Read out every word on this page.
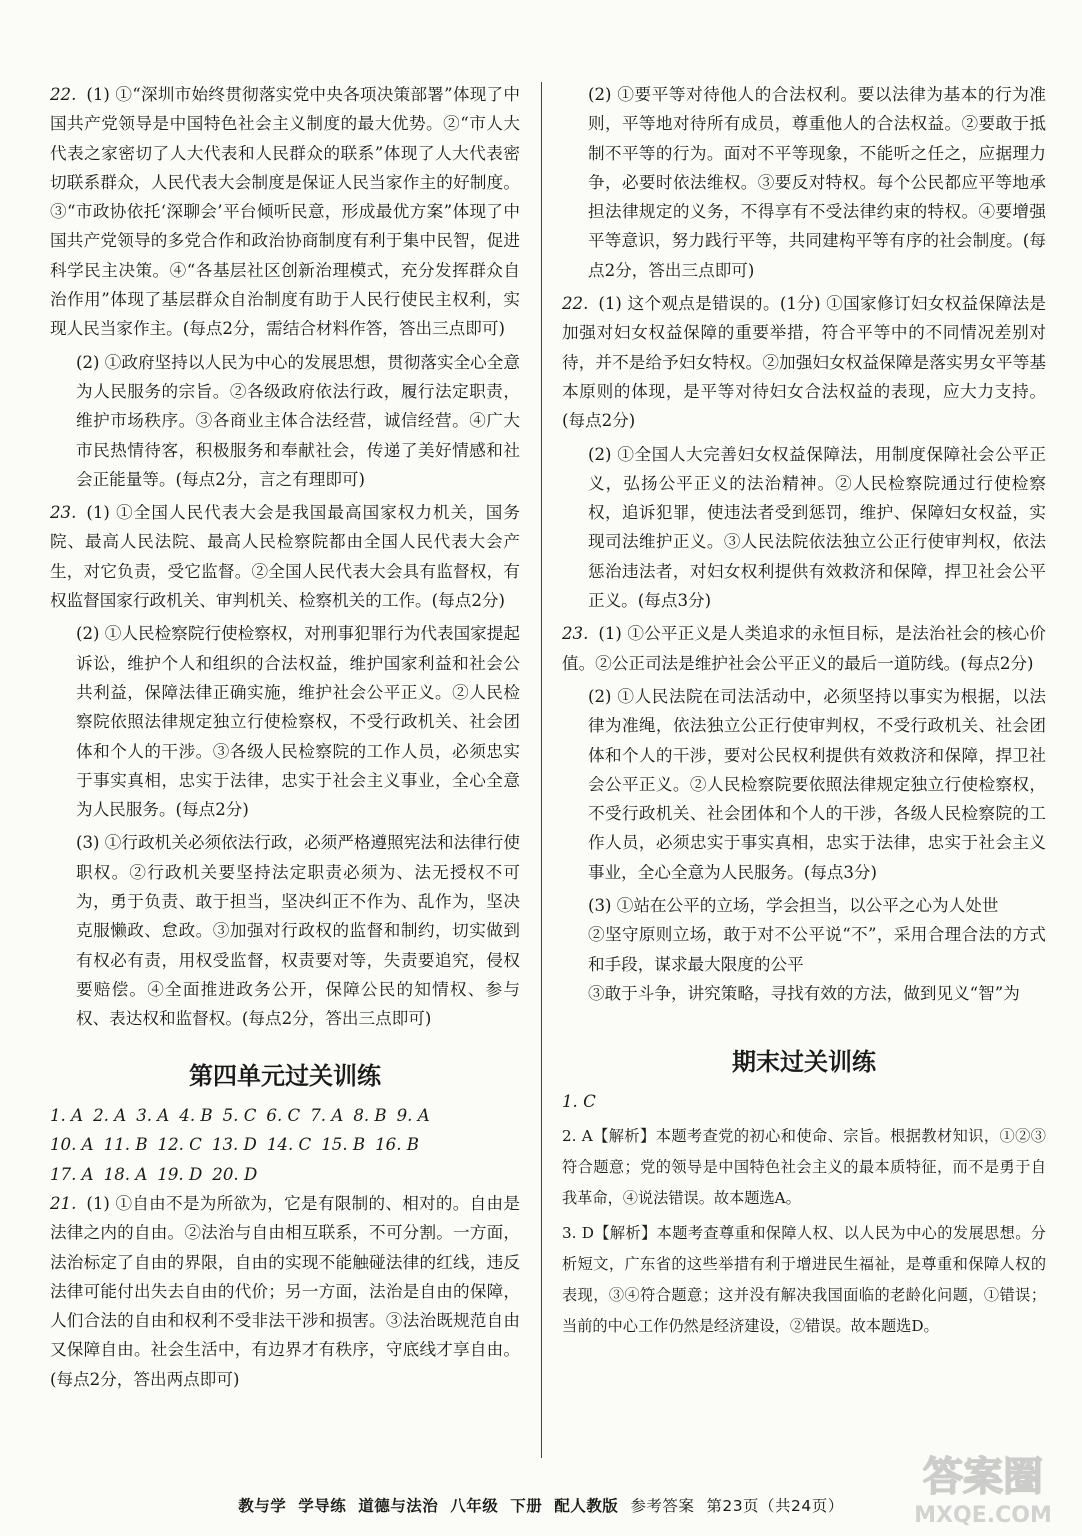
22. (1) ①“深圳市始终贯彻落实党中央各项决策部署”体现了中国共产党领导是中国特色社会主义制度的最大优势。②“市人大代表之家密切了人大代表和人民群众的联系”体现了人大代表密切联系群众，人民代表大会制度是保证人民当家作主的好制度。③“市政协依托‘深聊会’平台倾听民意，形成最优方案”体现了中国共产党领导的多党合作和政治协商制度有利于集中民智，促进科学民主决策。④“各基层社区创新治理模式，充分发挥群众自治作用”体现了基层群众自治制度有助于人民行使民主权利，实现人民当家作主。(每点2分，需结合材料作答，答出三点即可)

(2) ①政府坚持以人民为中心的发展思想，贯彻落实全心全意为人民服务的宗旨。②各级政府依法行政，履行法定职责，维护市场秩序。③各商业主体合法经营，诚信经营。④广大市民热情待客，积极服务和奉献社会，传递了美好情感和社会正能量等。(每点2分，言之有理即可)

23. (1) ①全国人民代表大会是我国最高国家权力机关，国务院、最高人民法院、最高人民检察院都由全国人民代表大会产生，对它负责，受它监督。②全国人民代表大会具有监督权，有权监督国家行政机关、审判机关、检察机关的工作。(每点2分)

(2) ①人民检察院行使检察权，对刑事犯罪行为代表国家提起诉讼，维护个人和组织的合法权益，维护国家利益和社会公共利益，保障法律正确实施，维护社会公平正义。②人民检察院依照法律规定独立行使检察权，不受行政机关、社会团体和个人的干涉。③各级人民检察院的工作人员，必须忠实于事实真相，忠实于法律，忠实于社会主义事业，全心全意为人民服务。(每点2分)

(3) ①行政机关必须依法行政，必须严格遵照宪法和法律行使职权。②行政机关要坚持法定职责必须为、法无授权不可为，勇于负责、敢于担当，坚决纠正不作为、乱作为，坚决克服懒政、怠政。③加强对行政权的监督和制约，切实做到有权必有责，用权受监督，权责要对等，失责要追究，侵权要赔偿。④全面推进政务公开，保障公民的知情权、参与权、表达权和监督权。(每点2分，答出三点即可)

第四单元过关训练
1. A 2. A 3. A 4. B 5. C 6. C 7. A 8. B 9. A
10. A 11. B 12. C 13. D 14. C 15. B 16. B
17. A 18. A 19. D 20. D

21. (1) ①自由不是为所欲为，它是有限制的、相对的。自由是法律之内的自由。②法治与自由相互联系，不可分割。一方面，法治标定了自由的界限，自由的实现不能触碰法律的红线，违反法律可能付出失去自由的代价；另一方面，法治是自由的保障，人们合法的自由和权利不受非法干涉和损害。③法治既规范自由又保障自由。社会生活中，有边界才有秩序，守底线才享自由。(每点2分，答出两点即可)

(2) ①要平等对待他人的合法权利。要以法律为基本的行为准则，平等地对待所有成员，尊重他人的合法权益。②要敢于抵制不平等的行为。面对不平等现象，不能听之任之，应据理力争，必要时依法维权。③要反对特权。每个公民都应平等地承担法律规定的义务，不得享有不受法律约束的特权。④要增强平等意识，努力践行平等，共同建构平等有序的社会制度。(每点2分，答出三点即可)

22. (1) 这个观点是错误的。(1分) ①国家修订妇女权益保障法是加强对妇女权益保障的重要举措，符合平等中的不同情况差别对待，并不是给予妇女特权。②加强妇女权益保障是落实男女平等基本原则的体现，是平等对待妇女合法权益的表现，应大力支持。(每点2分)

(2) ①全国人大完善妇女权益保障法，用制度保障社会公平正义，弘扬公平正义的法治精神。②人民检察院通过行使检察权，追诉犯罪，使违法者受到惩罚，维护、保障妇女权益，实现司法维护正义。③人民法院依法独立公正行使审判权，依法惩治违法者，对妇女权利提供有效救济和保障，捍卫社会公平正义。(每点3分)

23. (1) ①公平正义是人类追求的永恒目标，是法治社会的核心价值。②公正司法是维护社会公平正义的最后一道防线。(每点2分)

(2) ①人民法院在司法活动中，必须坚持以事实为根据，以法律为准绳，依法独立公正行使审判权，不受行政机关、社会团体和个人的干涉，要对公民权利提供有效救济和保障，捍卫社会公平正义。②人民检察院要依照法律规定独立行使检察权，不受行政机关、社会团体和个人的干涉，各级人民检察院的工作人员，必须忠实于事实真相，忠实于法律，忠实于社会主义事业，全心全意为人民服务。(每点3分)

(3) ①站在公平的立场，学会担当，以公平之心为人处世
②坚守原则立场，敢于对不公平说“不”，采用合理合法的方式和手段，谋求最大限度的公平
③敢于斗争，讲究策略，寻找有效的方法，做到见义“智”为

期末过关训练

1. C

2. A【解析】本题考查党的初心和使命、宗旨。根据教材知识，①②③符合题意；党的领导是中国特色社会主义的最本质特征，而不是勇于自我革命，④说法错误。故本题选A。

3. D【解析】本题考查尊重和保障人权、以人民为中心的发展思想。分析短文，广东省的这些举措有利于增进民生福祉，是尊重和保障人权的表现，③④符合题意；这并没有解决我国面临的老龄化问题，①错误；当前的中心工作仍然是经济建设，②错误。故本题选D。

教与学 学导练 道德与法治 八年级 下册 配人教版 参考答案 第23页（共24页）
答案圈
MXQE.COM
